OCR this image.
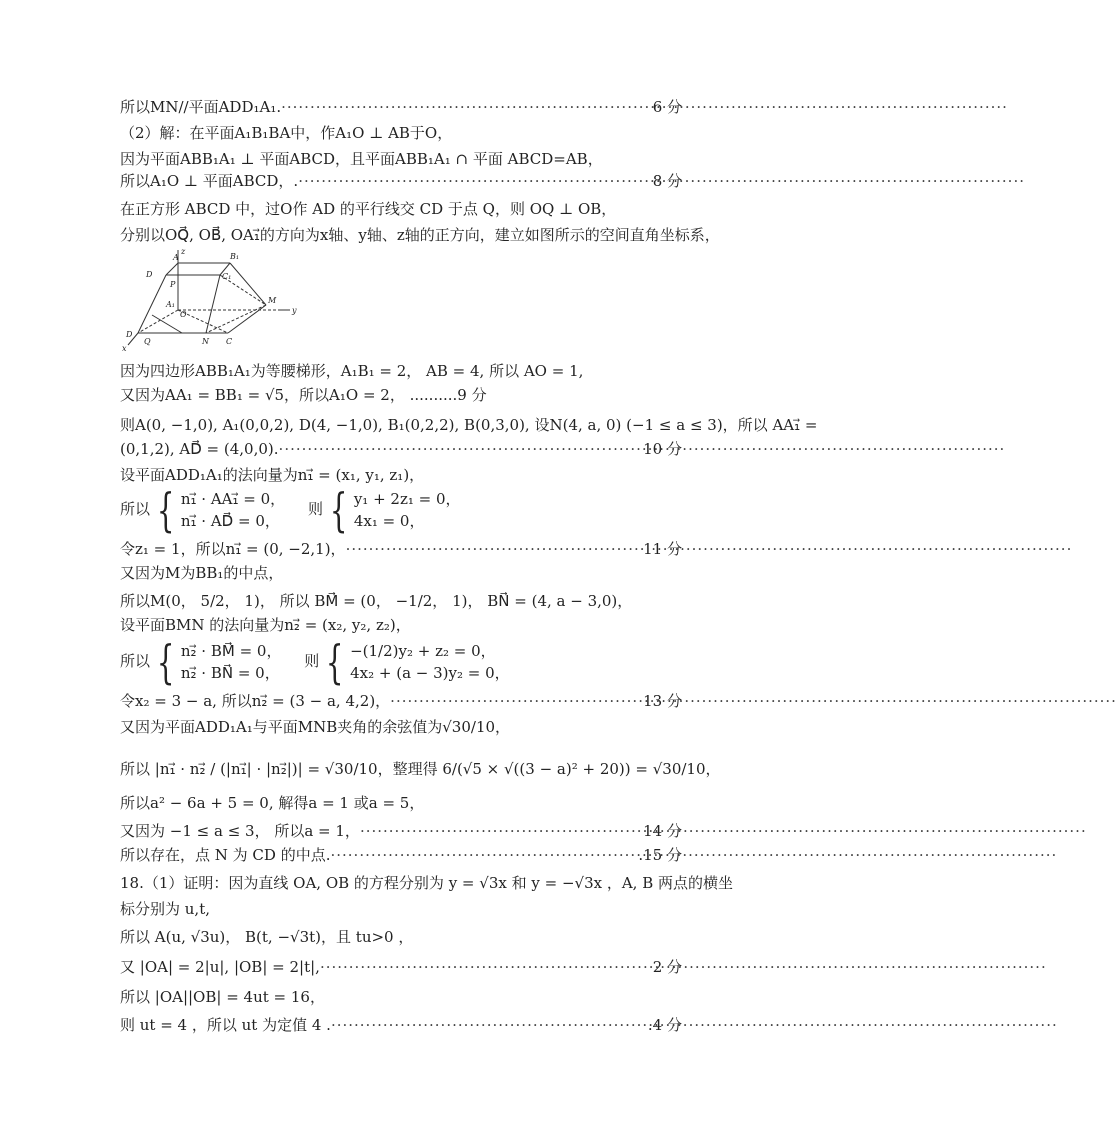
6 分
所以MN//平面ADD₁A₁.
·····
（2）解：在平面A₁B₁BA中，作A₁O ⊥ AB于O，
因为平面ABB₁A₁ ⊥ 平面ABCD，且平面ABB₁A₁ ∩ 平面 ABCD=AB，
8 分
所以A₁O ⊥ 平面ABCD，.
·····
在正方形 ABCD 中，过O作 AD 的平行线交 CD 于点 Q，则 OQ ⊥ OB，
分别以OQ⃗, OB⃗, OA₁⃗的方向为x轴、y轴、z轴的正方向，建立如图所示的空间直角坐标系，
z
A	B₁
D	C₁
M
P
A₁
O	y
D
x
Q	N C
因为四边形ABB₁A₁为等腰梯形，A₁B₁ = 2， AB = 4, 所以 AO = 1,
又因为AA₁ = BB₁ = √5，所以A₁O = 2， ..........9 分
则A(0, −1,0), A₁(0,0,2), D(4, −1,0), B₁(0,2,2), B(0,3,0), 设N(4, a, 0) (−1 ≤ a ≤ 3)，所以 AA₁⃗ =
10 分
(0,1,2), AD⃗ = (4,0,0).
·····
设平面ADD₁A₁的法向量为n₁⃗ = (x₁, y₁, z₁)，
所以 { n₁⃗ · AA₁⃗ = 0，
n₁⃗ · AD⃗ = 0，
则 { y₁ + 2z₁ = 0，
4x₁ = 0，
11 分
令z₁ = 1，所以n₁⃗ = (0, −2,1)，
·····
又因为M为BB₁的中点，
所以M(0， 5/2， 1)， 所以 BM⃗ = (0， −1/2， 1)， BN⃗ = (4, a − 3,0)，
设平面BMN 的法向量为n₂⃗ = (x₂, y₂, z₂)，
所以 { n₂⃗ · BM⃗ = 0，
n₂⃗ · BN⃗ = 0，
则 { −(1/2)y₂ + z₂ = 0，
4x₂ + (a − 3)y₂ = 0，
13 分
令x₂ = 3 − a, 所以n₂⃗ = (3 − a, 4,2)，
·····
又因为平面ADD₁A₁与平面MNB夹角的余弦值为√30/10，
所以 |n₁⃗ · n₂⃗ / (|n₁⃗| · |n₂⃗|)| = √30/10，整理得 6/(√5 × √((3 − a)² + 20)) = √30/10，
所以a² − 6a + 5 = 0, 解得a = 1 或a = 5，
14 分
又因为 −1 ≤ a ≤ 3， 所以a = 1，
·····
.15 分
所以存在，点 N 为 CD 的中点.
·····
18.（1）证明：因为直线 OA, OB 的方程分别为 y = √3x 和 y = −√3x ，A, B 两点的横坐
标分别为 u,t,
所以 A(u, √3u)， B(t, −√3t)，且 tu>0 ，
2 分
又 |OA| = 2|u|, |OB| = 2|t|,
·····
所以 |OA||OB| = 4ut = 16，
.4 分
则 ut = 4 ，所以 ut 为定值 4 .
·····
